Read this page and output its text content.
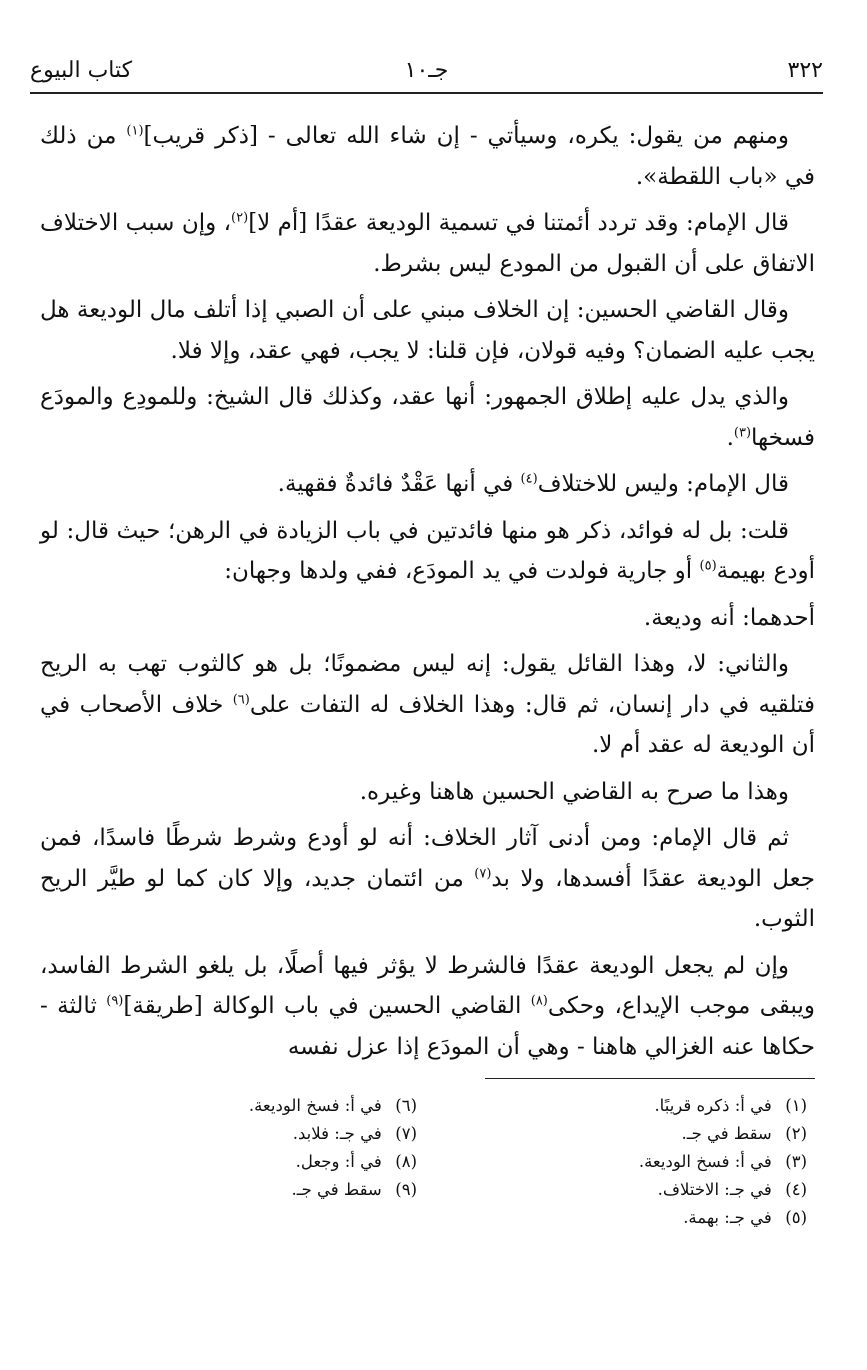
٣٢٢
جـ١٠
كتاب البيوع

ومنهم من يقول: يكره، وسيأتي - إن شاء الله تعالى - [ذكر قريب]$^{(١)}$ من ذلك في «باب اللقطة».

قال الإمام: وقد تردد أئمتنا في تسمية الوديعة عقدًا [أم لا]$^{(٢)}$، وإن سبب الاختلاف الاتفاق على أن القبول من المودع ليس بشرط.

وقال القاضي الحسين: إن الخلاف مبني على أن الصبي إذا أتلف مال الوديعة هل يجب عليه الضمان؟ وفيه قولان، فإن قلنا: لا يجب، فهي عقد، وإلا فلا.

والذي يدل عليه إطلاق الجمهور: أنها عقد، وكذلك قال الشيخ: وللمودِع والمودَع فسخها$^{(٣)}$.

قال الإمام: وليس للاختلاف$^{(٤)}$ في أنها عَقْدٌ فائدةٌ فقهية.

قلت: بل له فوائد، ذكر هو منها فائدتين في باب الزيادة في الرهن؛ حيث قال: لو أودع بهيمة$^{(٥)}$ أو جارية فولدت في يد المودَع، ففي ولدها وجهان:

أحدهما: أنه وديعة.

والثاني: لا، وهذا القائل يقول: إنه ليس مضمونًا؛ بل هو كالثوب تهب به الريح فتلقيه في دار إنسان، ثم قال: وهذا الخلاف له التفات على$^{(٦)}$ خلاف الأصحاب في أن الوديعة له عقد أم لا.

وهذا ما صرح به القاضي الحسين هاهنا وغيره.

ثم قال الإمام: ومن أدنى آثار الخلاف: أنه لو أودع وشرط شرطًا فاسدًا، فمن جعل الوديعة عقدًا أفسدها، ولا بد$^{(٧)}$ من ائتمان جديد، وإلا كان كما لو طيَّر الريح الثوب.

وإن لم يجعل الوديعة عقدًا فالشرط لا يؤثر فيها أصلًا، بل يلغو الشرط الفاسد، ويبقى موجب الإيداع، وحكى$^{(٨)}$ القاضي الحسين في باب الوكالة [طريقة]$^{(٩)}$ ثالثة - حكاها عنه الغزالي هاهنا - وهي أن المودَع إذا عزل نفسه

(١) في أ: ذكره قريبًا.
(٢) سقط في جـ.
(٣) في أ: فسخ الوديعة.
(٤) في جـ: الاختلاف.
(٥) في جـ: بهمة.
(٦) في أ: فسخ الوديعة.
(٧) في جـ: فلابد.
(٨) في أ: وجعل.
(٩) سقط في جـ.
